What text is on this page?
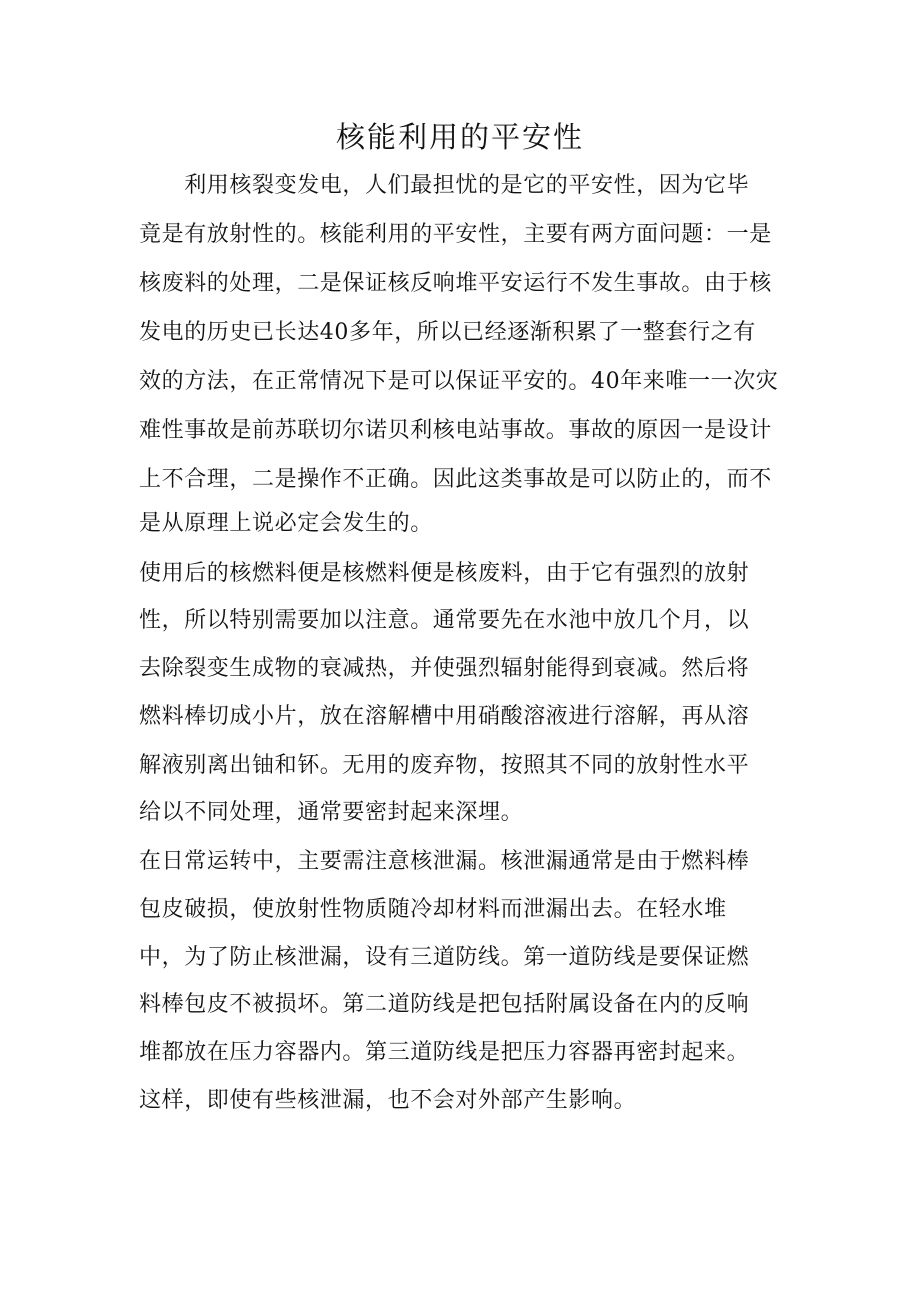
核能利用的平安性
　　利用核裂变发电，人们最担忧的是它的平安性，因为它毕
竟是有放射性的。核能利用的平安性，主要有两方面问题：一是
核废料的处理，二是保证核反响堆平安运行不发生事故。由于核
发电的历史已长达40多年，所以已经逐渐积累了一整套行之有
效的方法，在正常情况下是可以保证平安的。40年来唯一一次灾
难性事故是前苏联切尔诺贝利核电站事故。事故的原因一是设计
上不合理，二是操作不正确。因此这类事故是可以防止的，而不
是从原理上说必定会发生的。
使用后的核燃料便是核燃料便是核废料，由于它有强烈的放射
性，所以特别需要加以注意。通常要先在水池中放几个月，以
去除裂变生成物的衰减热，并使强烈辐射能得到衰减。然后将
燃料棒切成小片，放在溶解槽中用硝酸溶液进行溶解，再从溶
解液别离出铀和钚。无用的废弃物，按照其不同的放射性水平
给以不同处理，通常要密封起来深埋。
在日常运转中，主要需注意核泄漏。核泄漏通常是由于燃料棒
包皮破损，使放射性物质随冷却材料而泄漏出去。在轻水堆
中，为了防止核泄漏，设有三道防线。第一道防线是要保证燃
料棒包皮不被损坏。第二道防线是把包括附属设备在内的反响
堆都放在压力容器内。第三道防线是把压力容器再密封起来。
这样，即使有些核泄漏，也不会对外部产生影响。
